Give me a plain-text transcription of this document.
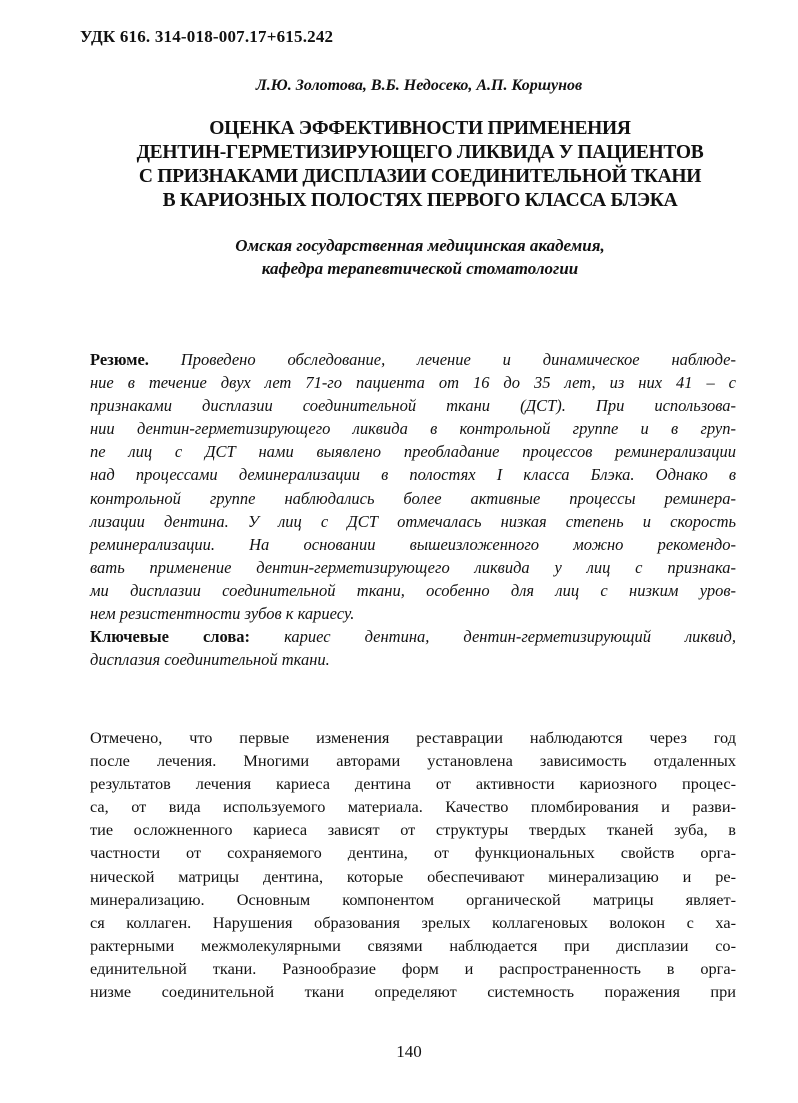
УДК 616. 314-018-007.17+615.242
Л.Ю. Золотова, В.Б. Недосеко, А.П. Коршунов
ОЦЕНКА ЭФФЕКТИВНОСТИ ПРИМЕНЕНИЯ
ДЕНТИН-ГЕРМЕТИЗИРУЮЩЕГО ЛИКВИДА У ПАЦИЕНТОВ
С ПРИЗНАКАМИ ДИСПЛАЗИИ СОЕДИНИТЕЛЬНОЙ ТКАНИ
В КАРИОЗНЫХ ПОЛОСТЯХ ПЕРВОГО КЛАССА БЛЭКА
Омская государственная медицинская академия,
кафедра терапевтической стоматологии
Резюме. Проведено обследование, лечение и динамическое наблюде-
ние в течение двух лет 71-го пациента от 16 до 35 лет, из них 41 – с
признаками дисплазии соединительной ткани (ДСТ). При использова-
нии дентин-герметизирующего ликвида в контрольной группе и в груп-
пе лиц с ДСТ нами выявлено преобладание процессов реминерализации
над процессами деминерализации в полостях I класса Блэка. Однако в
контрольной группе наблюдались более активные процессы реминера-
лизации дентина. У лиц с ДСТ отмечалась низкая степень и скорость
реминерализации. На основании вышеизложенного можно рекомендо-
вать применение дентин-герметизирующего ликвида у лиц с признака-
ми дисплазии соединительной ткани, особенно для лиц с низким уров-
нем резистентности зубов к кариесу.
Ключевые слова: кариес дентина, дентин-герметизирующий ликвид,
дисплазия соединительной ткани.
Отмечено, что первые изменения реставрации наблюдаются через год
после лечения. Многими авторами установлена зависимость отдаленных
результатов лечения кариеса дентина от активности кариозного процес-
са, от вида используемого материала. Качество пломбирования и разви-
тие осложненного кариеса зависят от структуры твердых тканей зуба, в
частности от сохраняемого дентина, от функциональных свойств орга-
нической матрицы дентина, которые обеспечивают минерализацию и ре-
минерализацию. Основным компонентом органической матрицы являет-
ся коллаген. Нарушения образования зрелых коллагеновых волокон с ха-
рактерными межмолекулярными связями наблюдается при дисплазии со-
единительной ткани. Разнообразие форм и распространенность в орга-
низме соединительной ткани определяют системность поражения при
140
